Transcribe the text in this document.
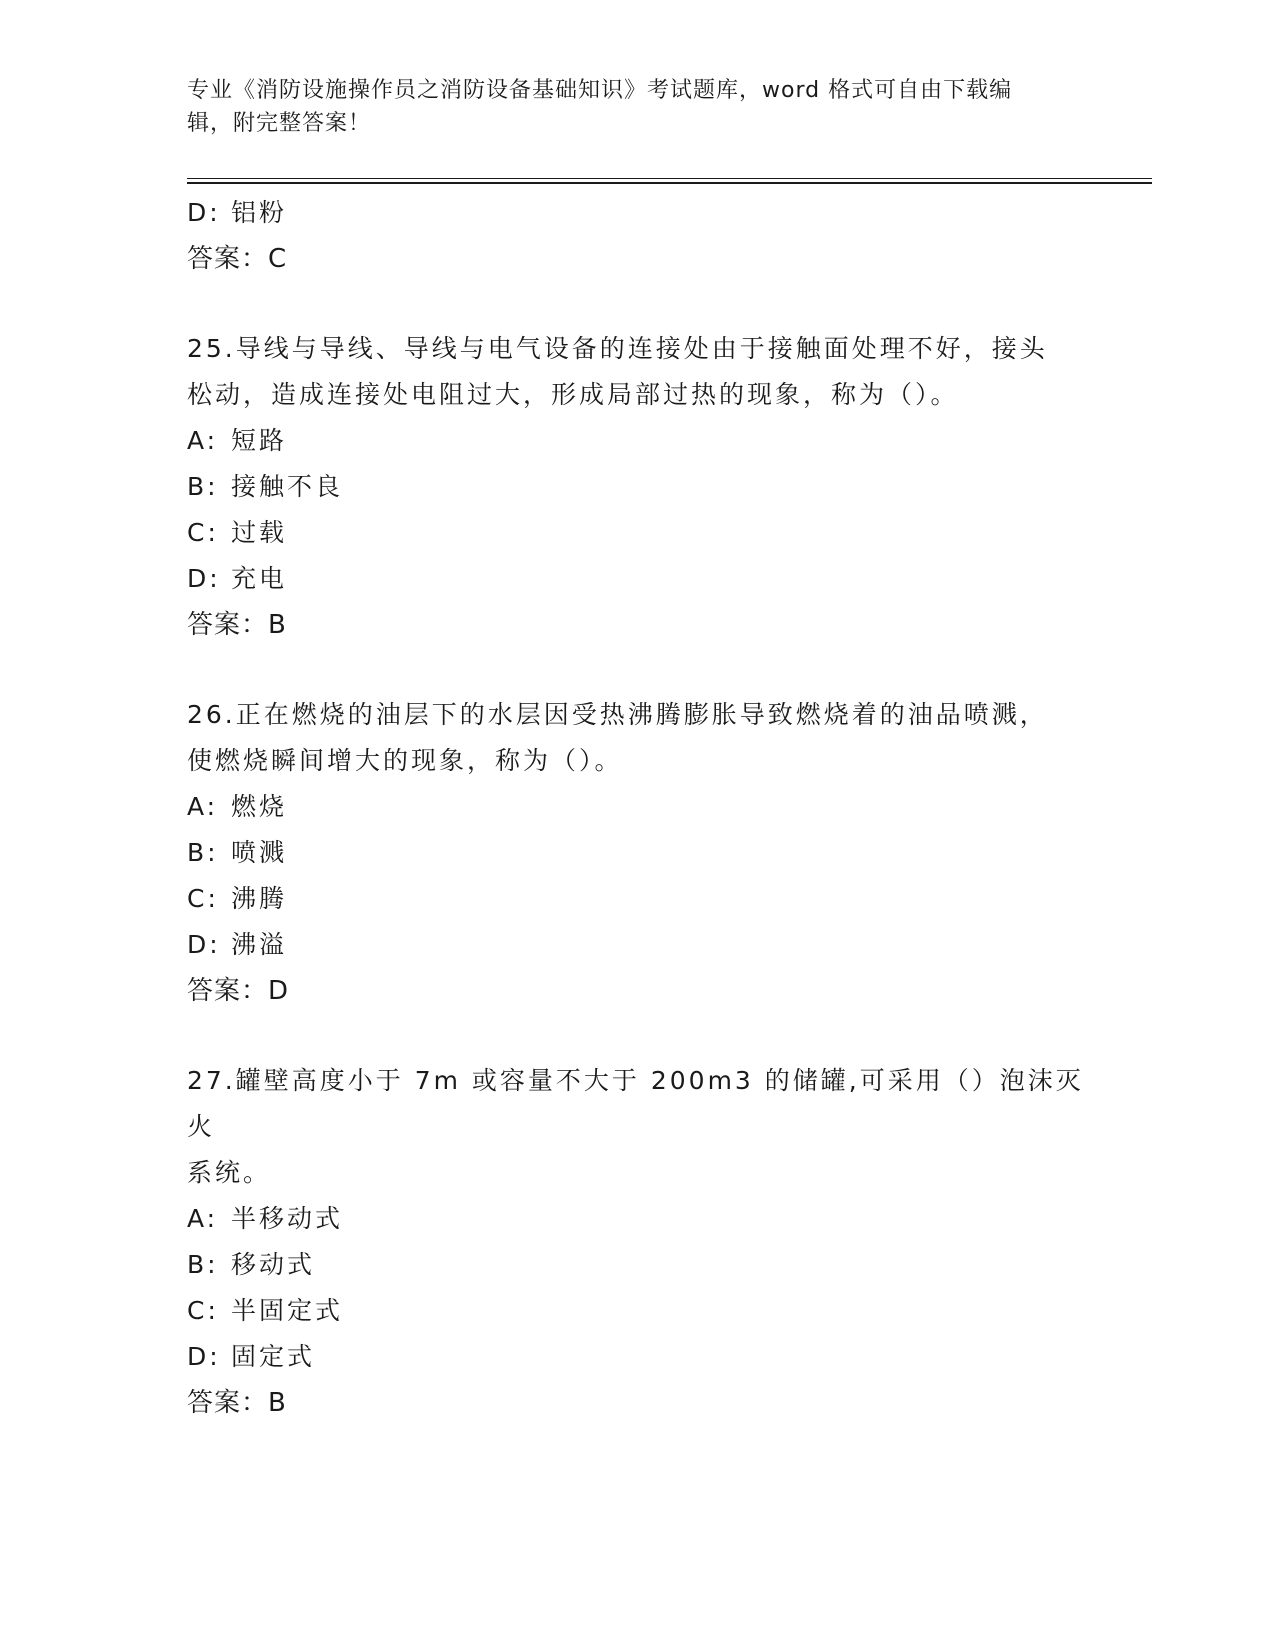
专业《消防设施操作员之消防设备基础知识》考试题库，word 格式可自由下载编
辑，附完整答案！
D: 铝粉
答案：C
25.导线与导线、导线与电气设备的连接处由于接触面处理不好，接头
松动，造成连接处电阻过大，形成局部过热的现象，称为（）。
A: 短路
B: 接触不良
C: 过载
D: 充电
答案：B
26.正在燃烧的油层下的水层因受热沸腾膨胀导致燃烧着的油品喷溅，
使燃烧瞬间增大的现象，称为（）。
A: 燃烧
B: 喷溅
C: 沸腾
D: 沸溢
答案：D
27.罐壁高度小于 7m 或容量不大于 200m3 的储罐,可采用（）泡沫灭火
系统。
A: 半移动式
B: 移动式
C: 半固定式
D: 固定式
答案：B
